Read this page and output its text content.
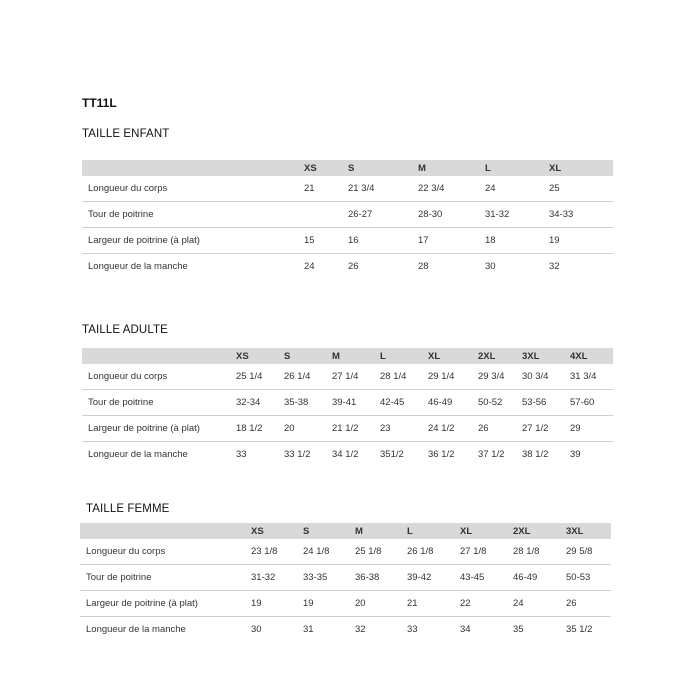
TT11L
TAILLE ENFANT
	XS	S	M	L	XL
Longueur du corps	21	21 3/4	22 3/4	24	25
Tour de poitrine		26-27	28-30	31-32	34-33
Largeur de poitrine (à plat)	15	16	17	18	19
Longueur de la manche	24	26	28	30	32
TAILLE ADULTE
	XS	S	M	L	XL	2XL	3XL	4XL
Longueur du corps	25 1/4	26 1/4	27 1/4	28 1/4	29 1/4	29 3/4	30 3/4	31 3/4
Tour de poitrine	32-34	35-38	39-41	42-45	46-49	50-52	53-56	57-60
Largeur de poitrine (à plat)	18 1/2	20	21 1/2	23	24 1/2	26	27 1/2	29
Longueur de la manche	33	33 1/2	34 1/2	351/2	36 1/2	37 1/2	38 1/2	39
TAILLE FEMME
	XS	S	M	L	XL	2XL	3XL
Longueur du corps	23 1/8	24 1/8	25 1/8	26 1/8	27 1/8	28 1/8	29 5/8
Tour de poitrine	31-32	33-35	36-38	39-42	43-45	46-49	50-53
Largeur de poitrine (à plat)	19	19	20	21	22	24	26
Longueur de la manche	30	31	32	33	34	35	35 1/2
